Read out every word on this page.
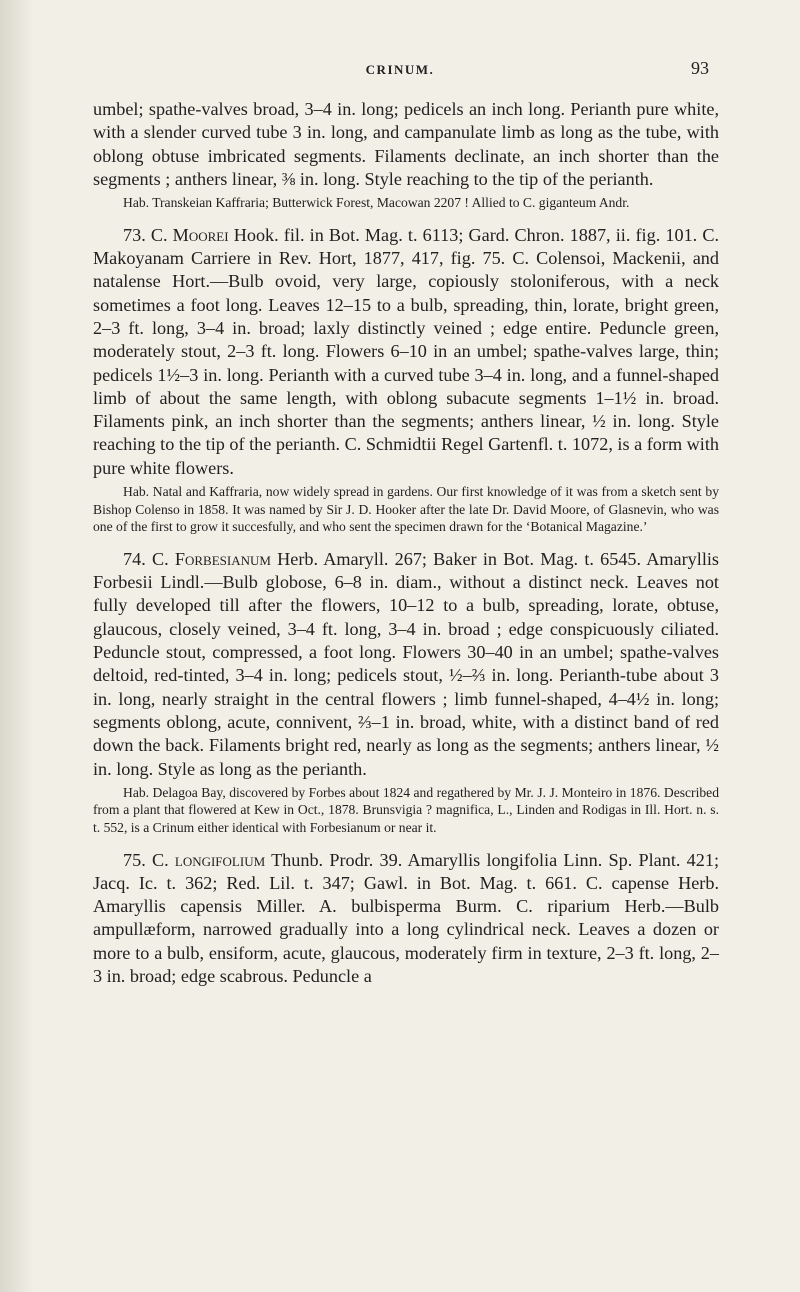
CRINUM.	93

umbel; spathe-valves broad, 3–4 in. long; pedicels an inch long. Perianth pure white, with a slender curved tube 3 in. long, and campanulate limb as long as the tube, with oblong obtuse imbricated segments. Filaments declinate, an inch shorter than the segments ; anthers linear, ⅜ in. long. Style reaching to the tip of the perianth.

Hab. Transkeian Kaffraria; Butterwick Forest, Macowan 2207 ! Allied to C. giganteum Andr.

73. C. Moorei Hook. fil. in Bot. Mag. t. 6113; Gard. Chron. 1887, ii. fig. 101. C. Makoyanam Carriere in Rev. Hort, 1877, 417, fig. 75. C. Colensoi, Mackenii, and natalense Hort.—Bulb ovoid, very large, copiously stoloniferous, with a neck sometimes a foot long. Leaves 12–15 to a bulb, spreading, thin, lorate, bright green, 2–3 ft. long, 3–4 in. broad; laxly distinctly veined ; edge entire. Peduncle green, moderately stout, 2–3 ft. long. Flowers 6–10 in an umbel; spathe-valves large, thin; pedicels 1½–3 in. long. Perianth with a curved tube 3–4 in. long, and a funnel-shaped limb of about the same length, with oblong subacute segments 1–1½ in. broad. Filaments pink, an inch shorter than the segments; anthers linear, ½ in. long. Style reaching to the tip of the perianth. C. Schmidtii Regel Gartenfl. t. 1072, is a form with pure white flowers.

Hab. Natal and Kaffraria, now widely spread in gardens. Our first knowledge of it was from a sketch sent by Bishop Colenso in 1858. It was named by Sir J. D. Hooker after the late Dr. David Moore, of Glasnevin, who was one of the first to grow it succesfully, and who sent the specimen drawn for the ‘Botanical Magazine.’

74. C. Forbesianum Herb. Amaryll. 267; Baker in Bot. Mag. t. 6545. Amaryllis Forbesii Lindl.—Bulb globose, 6–8 in. diam., without a distinct neck. Leaves not fully developed till after the flowers, 10–12 to a bulb, spreading, lorate, obtuse, glaucous, closely veined, 3–4 ft. long, 3–4 in. broad ; edge conspicuously ciliated. Peduncle stout, compressed, a foot long. Flowers 30–40 in an umbel; spathe-valves deltoid, red-tinted, 3–4 in. long; pedicels stout, ½–⅔ in. long. Perianth-tube about 3 in. long, nearly straight in the central flowers ; limb funnel-shaped, 4–4½ in. long; segments oblong, acute, connivent, ⅔–1 in. broad, white, with a distinct band of red down the back. Filaments bright red, nearly as long as the segments; anthers linear, ½ in. long. Style as long as the perianth.

Hab. Delagoa Bay, discovered by Forbes about 1824 and regathered by Mr. J. J. Monteiro in 1876. Described from a plant that flowered at Kew in Oct., 1878. Brunsvigia ? magnifica, L., Linden and Rodigas in Ill. Hort. n. s. t. 552, is a Crinum either identical with Forbesianum or near it.

75. C. longifolium Thunb. Prodr. 39. Amaryllis longifolia Linn. Sp. Plant. 421; Jacq. Ic. t. 362; Red. Lil. t. 347; Gawl. in Bot. Mag. t. 661. C. capense Herb. Amaryllis capensis Miller. A. bulbisperma Burm. C. riparium Herb.—Bulb ampullæform, narrowed gradually into a long cylindrical neck. Leaves a dozen or more to a bulb, ensiform, acute, glaucous, moderately firm in texture, 2–3 ft. long, 2–3 in. broad; edge scabrous. Peduncle a
